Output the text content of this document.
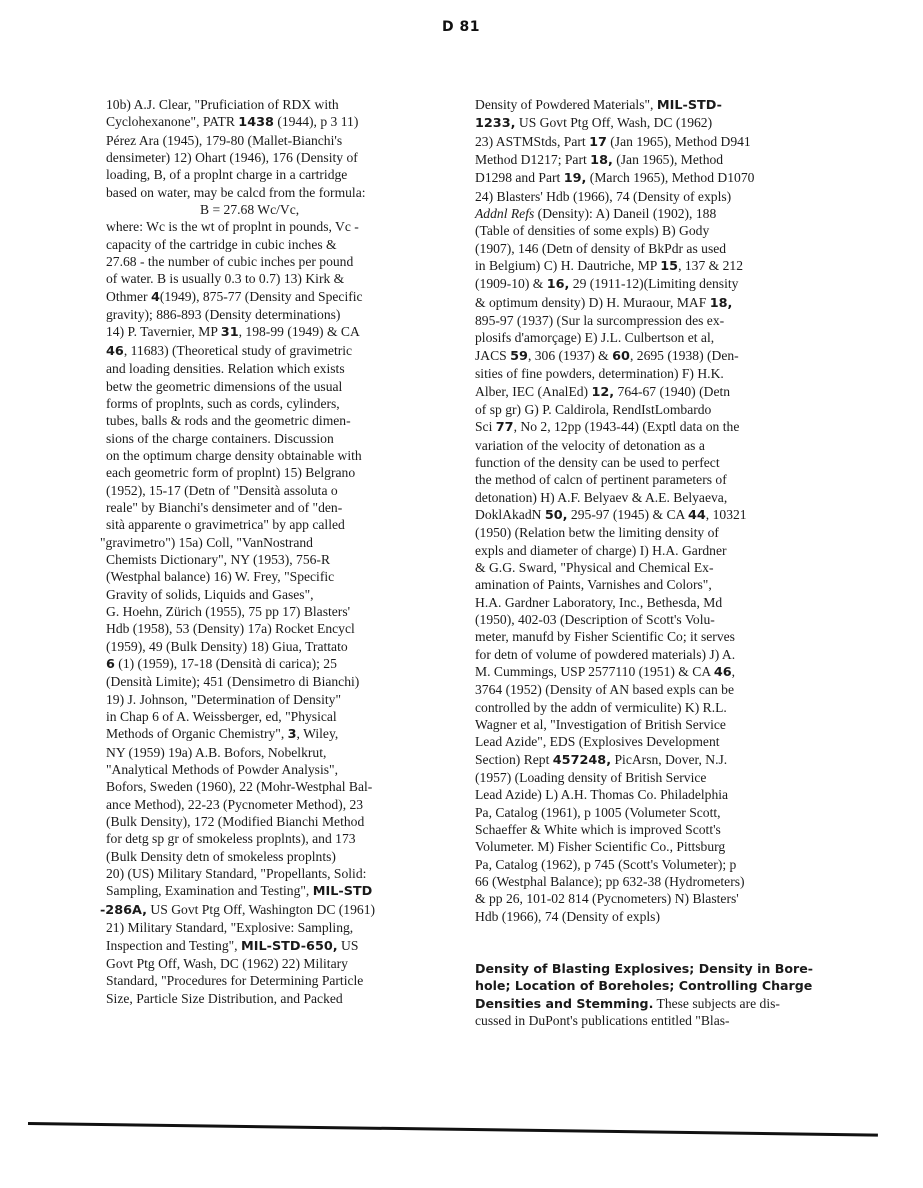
D 81
10b) A.J. Clear, "Pruficiation of RDX with
Cyclohexanone", PATR 1438 (1944), p 3 11)
Pérez Ara (1945), 179-80 (Mallet-Bianchi's
densimeter) 12) Ohart (1946), 176 (Density of
loading, B, of a proplnt charge in a cartridge
based on water, may be calcd from the formula:
B = 27.68 Wc/Vc,
where: Wc is the wt of proplnt in pounds, Vc -
capacity of the cartridge in cubic inches &
27.68 - the number of cubic inches per pound
of water. B is usually 0.3 to 0.7) 13) Kirk &
Othmer 4(1949), 875-77 (Density and Specific
gravity); 886-893 (Density determinations)
14) P. Tavernier, MP 31, 198-99 (1949) & CA
46, 11683) (Theoretical study of gravimetric
and loading densities. Relation which exists
betw the geometric dimensions of the usual
forms of proplnts, such as cords, cylinders,
tubes, balls & rods and the geometric dimen-
sions of the charge containers. Discussion
on the optimum charge density obtainable with
each geometric form of proplnt) 15) Belgrano
(1952), 15-17 (Detn of "Densità assoluta o
reale" by Bianchi's densimeter and of "den-
sità apparente o gravimetrica" by app called
"gravimetro") 15a) Coll, "VanNostrand
Chemists Dictionary", NY (1953), 756-R
(Westphal balance) 16) W. Frey, "Specific
Gravity of solids, Liquids and Gases",
G. Hoehn, Zürich (1955), 75 pp 17) Blasters'
Hdb (1958), 53 (Density) 17a) Rocket Encycl
(1959), 49 (Bulk Density) 18) Giua, Trattato
6 (1) (1959), 17-18 (Densità di carica); 25
(Densità Limite); 451 (Densimetro di Bianchi)
19) J. Johnson, "Determination of Density"
in Chap 6 of A. Weissberger, ed, "Physical
Methods of Organic Chemistry", 3, Wiley,
NY (1959) 19a) A.B. Bofors, Nobelkrut,
"Analytical Methods of Powder Analysis",
Bofors, Sweden (1960), 22 (Mohr-Westphal Bal-
ance Method), 22-23 (Pycnometer Method), 23
(Bulk Density), 172 (Modified Bianchi Method
for detg sp gr of smokeless proplnts), and 173
(Bulk Density detn of smokeless proplnts)
20) (US) Military Standard, "Propellants, Solid:
Sampling, Examination and Testing", MIL-STD
-286A, US Govt Ptg Off, Washington DC (1961)
21) Military Standard, "Explosive: Sampling,
Inspection and Testing", MIL-STD-650, US
Govt Ptg Off, Wash, DC (1962) 22) Military
Standard, "Procedures for Determining Particle
Size, Particle Size Distribution, and Packed
Density of Powdered Materials", MIL-STD-
1233, US Govt Ptg Off, Wash, DC (1962)
23) ASTMStds, Part 17 (Jan 1965), Method D941
Method D1217; Part 18, (Jan 1965), Method
D1298 and Part 19, (March 1965), Method D1070
24) Blasters' Hdb (1966), 74 (Density of expls)
Addnl Refs (Density): A) Daneil (1902), 188
(Table of densities of some expls) B) Gody
(1907), 146 (Detn of density of BkPdr as used
in Belgium) C) H. Dautriche, MP 15, 137 & 212
(1909-10) & 16, 29 (1911-12)(Limiting density
& optimum density) D) H. Muraour, MAF 18,
895-97 (1937) (Sur la surcompression des ex-
plosifs d'amorçage) E) J.L. Culbertson et al,
JACS 59, 306 (1937) & 60, 2695 (1938) (Den-
sities of fine powders, determination) F) H.K.
Alber, IEC (AnalEd) 12, 764-67 (1940) (Detn
of sp gr) G) P. Caldirola, RendIstLombardo
Sci 77, No 2, 12pp (1943-44) (Exptl data on the
variation of the velocity of detonation as a
function of the density can be used to perfect
the method of calcn of pertinent parameters of
detonation) H) A.F. Belyaev & A.E. Belyaeva,
DoklAkadN 50, 295-97 (1945) & CA 44, 10321
(1950) (Relation betw the limiting density of
expls and diameter of charge) I) H.A. Gardner
& G.G. Sward, "Physical and Chemical Ex-
amination of Paints, Varnishes and Colors",
H.A. Gardner Laboratory, Inc., Bethesda, Md
(1950), 402-03 (Description of Scott's Volu-
meter, manufd by Fisher Scientific Co; it serves
for detn of volume of powdered materials) J) A.
M. Cummings, USP 2577110 (1951) & CA 46,
3764 (1952) (Density of AN based expls can be
controlled by the addn of vermiculite) K) R.L.
Wagner et al, "Investigation of British Service
Lead Azide", EDS (Explosives Development
Section) Rept 457248, PicArsn, Dover, N.J.
(1957) (Loading density of British Service
Lead Azide) L) A.H. Thomas Co. Philadelphia
Pa, Catalog (1961), p 1005 (Volumeter Scott,
Schaeffer & White which is improved Scott's
Volumeter. M) Fisher Scientific Co., Pittsburg
Pa, Catalog (1962), p 745 (Scott's Volumeter); p
66 (Westphal Balance); pp 632-38 (Hydrometers)
& pp 26, 101-02 814 (Pycnometers) N) Blasters'
Hdb (1966), 74 (Density of expls)
Density of Blasting Explosives; Density in Bore-
hole; Location of Boreholes; Controlling Charge
Densities and Stemming. These subjects are dis-
cussed in DuPont's publications entitled "Blas-
